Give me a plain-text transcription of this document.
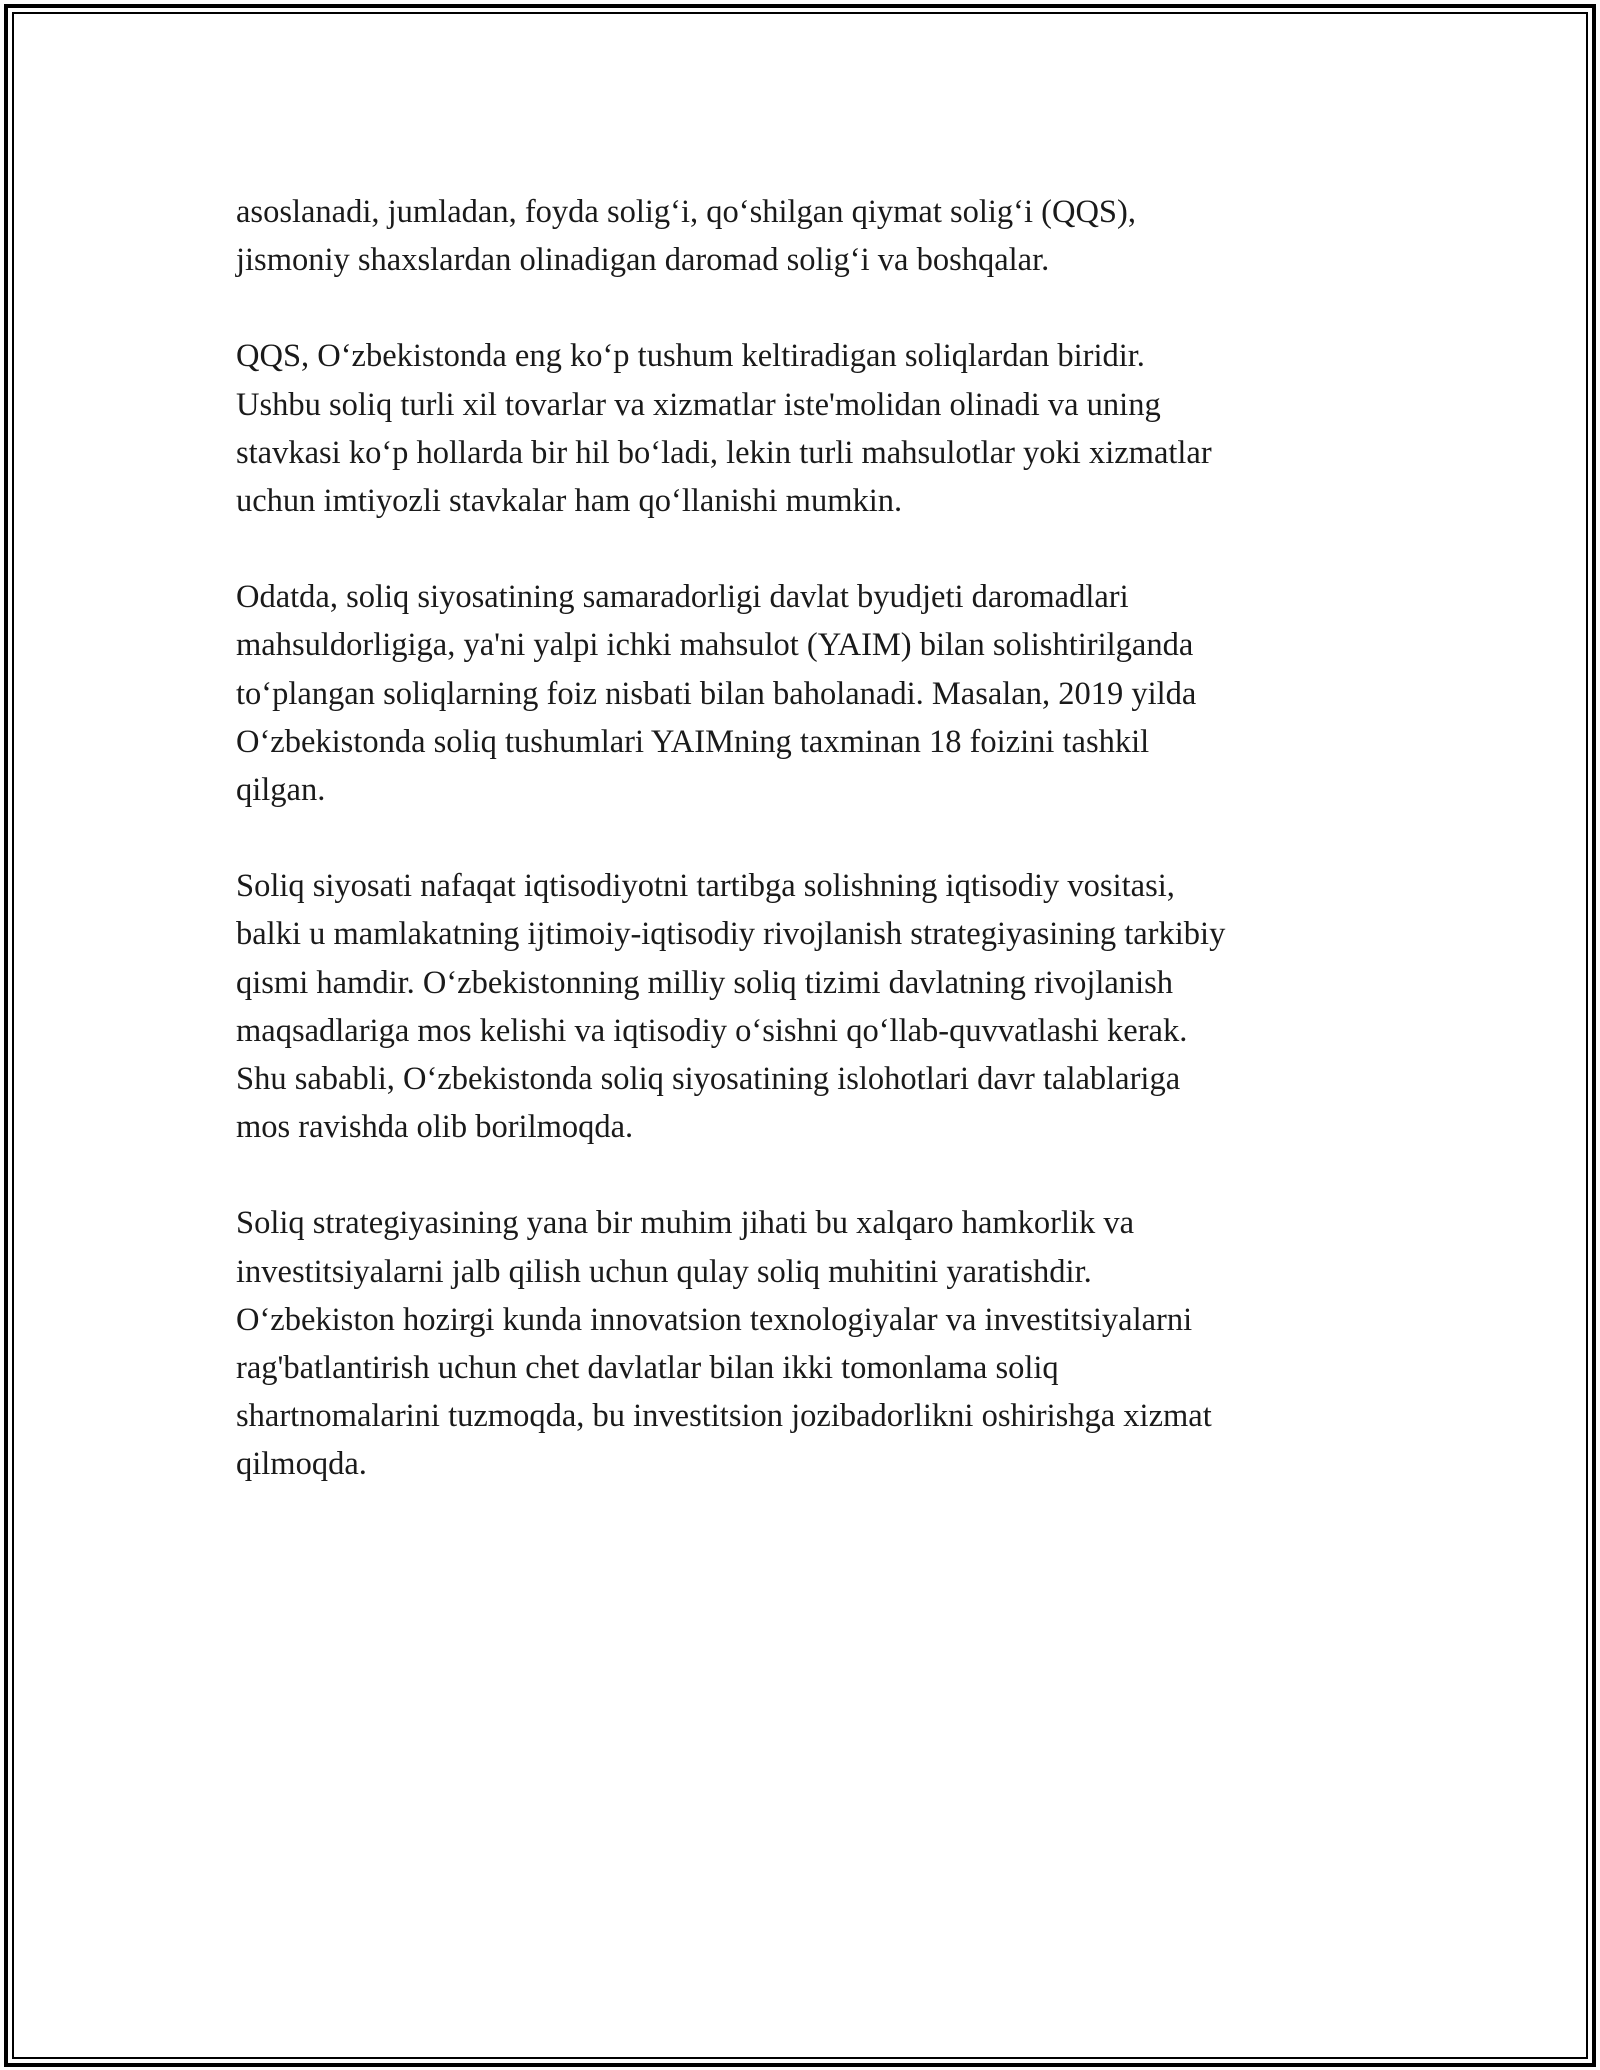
asoslanadi, jumladan, foyda solig‘i, qo‘shilgan qiymat solig‘i (QQS),
jismoniy shaxslardan olinadigan daromad solig‘i va boshqalar.

QQS, O‘zbekistonda eng ko‘p tushum keltiradigan soliqlardan biridir.
Ushbu soliq turli xil tovarlar va xizmatlar iste'molidan olinadi va uning
stavkasi ko‘p hollarda bir hil bo‘ladi, lekin turli mahsulotlar yoki xizmatlar
uchun imtiyozli stavkalar ham qo‘llanishi mumkin.

Odatda, soliq siyosatining samaradorligi davlat byudjeti daromadlari
mahsuldorligiga, ya'ni yalpi ichki mahsulot (YAIM) bilan solishtirilganda
to‘plangan soliqlarning foiz nisbati bilan baholanadi. Masalan, 2019 yilda
O‘zbekistonda soliq tushumlari YAIMning taxminan 18 foizini tashkil
qilgan.

Soliq siyosati nafaqat iqtisodiyotni tartibga solishning iqtisodiy vositasi,
balki u mamlakatning ijtimoiy-iqtisodiy rivojlanish strategiyasining tarkibiy
qismi hamdir. O‘zbekistonning milliy soliq tizimi davlatning rivojlanish
maqsadlariga mos kelishi va iqtisodiy o‘sishni qo‘llab-quvvatlashi kerak.
Shu sababli, O‘zbekistonda soliq siyosatining islohotlari davr talablariga
mos ravishda olib borilmoqda.

Soliq strategiyasining yana bir muhim jihati bu xalqaro hamkorlik va
investitsiyalarni jalb qilish uchun qulay soliq muhitini yaratishdir.
O‘zbekiston hozirgi kunda innovatsion texnologiyalar va investitsiyalarni
rag'batlantirish uchun chet davlatlar bilan ikki tomonlama soliq
shartnomalarini tuzmoqda, bu investitsion jozibadorlikni oshirishga xizmat
qilmoqda.
